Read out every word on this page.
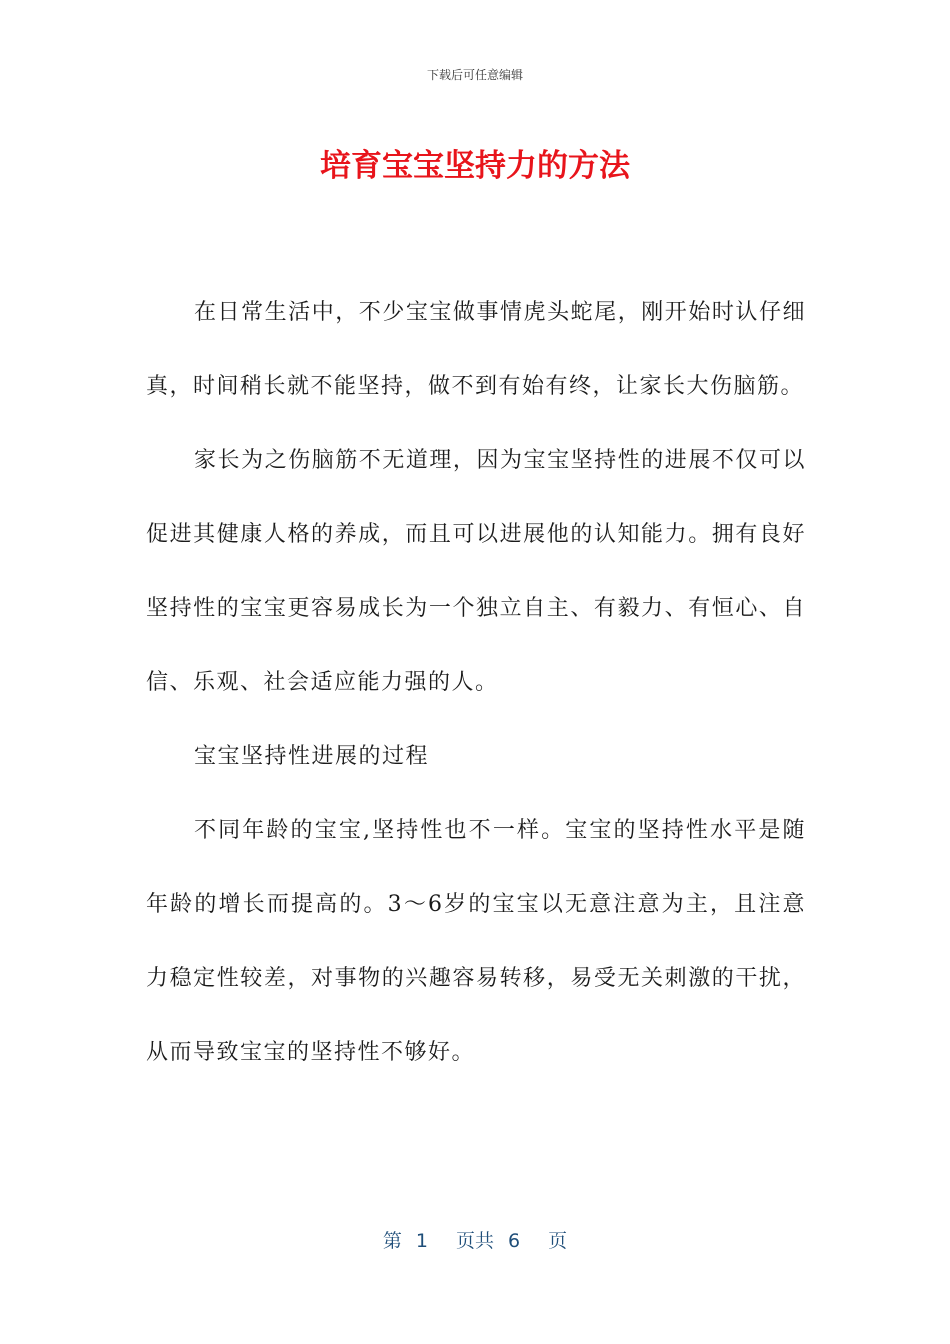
下载后可任意编辑
培育宝宝坚持力的方法

在日常生活中，不少宝宝做事情虎头蛇尾，刚开始时认仔细真，时间稍长就不能坚持，做不到有始有终，让家长大伤脑筋。

家长为之伤脑筋不无道理，因为宝宝坚持性的进展不仅可以促进其健康人格的养成，而且可以进展他的认知能力。拥有良好坚持性的宝宝更容易成长为一个独立自主、有毅力、有恒心、自信、乐观、社会适应能力强的人。

宝宝坚持性进展的过程

不同年龄的宝宝,坚持性也不一样。宝宝的坚持性水平是随年龄的增长而提高的。3～6岁的宝宝以无意注意为主，且注意力稳定性较差，对事物的兴趣容易转移，易受无关刺激的干扰，从而导致宝宝的坚持性不够好。

第 1 页共 6 页
